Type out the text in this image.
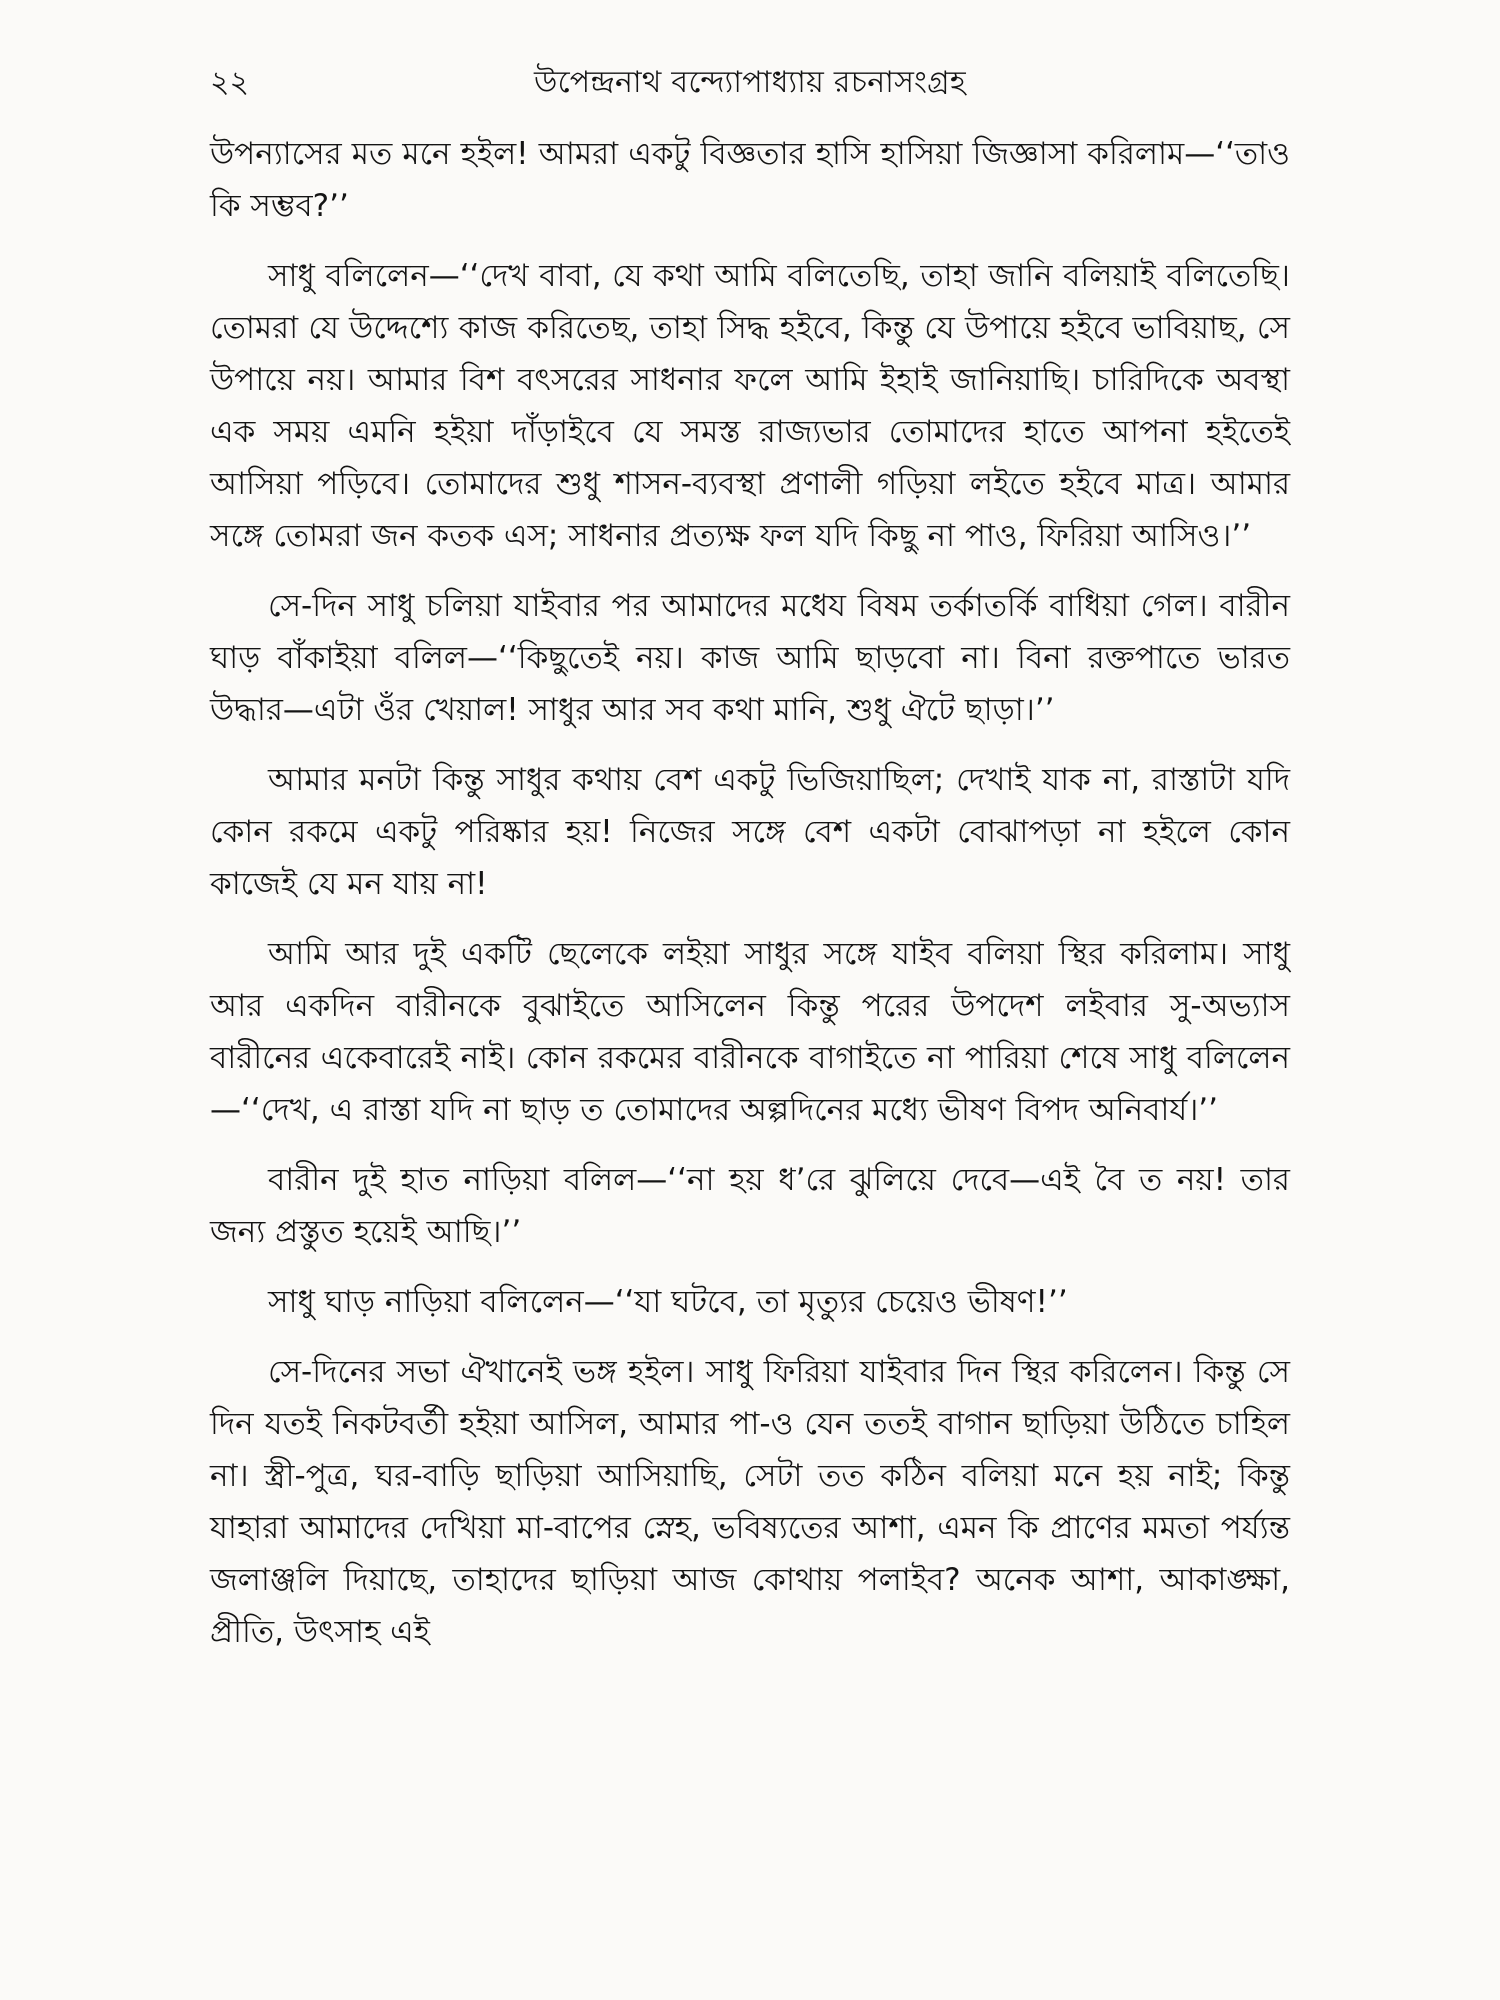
২২	উপেন্দ্রনাথ বন্দ্যোপাধ্যায় রচনাসংগ্রহ

উপন্যাসের মত মনে হইল! আমরা একটু বিজ্ঞতার হাসি হাসিয়া জিজ্ঞাসা করিলাম—‘‘তাও কি সম্ভব?’’

সাধু বলিলেন—‘‘দেখ বাবা, যে কথা আমি বলিতেছি, তাহা জানি বলিয়াই বলিতেছি। তোমরা যে উদ্দেশ্যে কাজ করিতেছ, তাহা সিদ্ধ হইবে, কিন্তু যে উপায়ে হইবে ভাবিয়াছ, সে উপায়ে নয়। আমার বিশ বৎসরের সাধনার ফলে আমি ইহাই জানিয়াছি। চারিদিকে অবস্থা এক সময় এমনি হইয়া দাঁড়াইবে যে সমস্ত রাজ্যভার তোমাদের হাতে আপনা হইতেই আসিয়া পড়িবে। তোমাদের শুধু শাসন-ব্যবস্থা প্রণালী গড়িয়া লইতে হইবে মাত্র। আমার সঙ্গে তোমরা জন কতক এস; সাধনার প্রত্যক্ষ ফল যদি কিছু না পাও, ফিরিয়া আসিও।’’

সে-দিন সাধু চলিয়া যাইবার পর আমাদের মধেয বিষম তর্কাতর্কি বাধিয়া গেল। বারীন ঘাড় বাঁকাইয়া বলিল—‘‘কিছুতেই নয়। কাজ আমি ছাড়বো না। বিনা রক্তপাতে ভারত উদ্ধার—এটা ওঁর খেয়াল! সাধুর আর সব কথা মানি, শুধু ঐটে ছাড়া।’’

আমার মনটা কিন্তু সাধুর কথায় বেশ একটু ভিজিয়াছিল; দেখাই যাক না, রাস্তাটা যদি কোন রকমে একটু পরিষ্কার হয়! নিজের সঙ্গে বেশ একটা বোঝাপড়া না হইলে কোন কাজেই যে মন যায় না!

আমি আর দুই একটি ছেলেকে লইয়া সাধুর সঙ্গে যাইব বলিয়া স্থির করিলাম। সাধু আর একদিন বারীনকে বুঝাইতে আসিলেন কিন্তু পরের উপদেশ লইবার সু-অভ্যাস বারীনের একেবারেই নাই। কোন রকমের বারীনকে বাগাইতে না পারিয়া শেষে সাধু বলিলেন—‘‘দেখ, এ রাস্তা যদি না ছাড় ত তোমাদের অল্পদিনের মধ্যে ভীষণ বিপদ অনিবার্য।’’

বারীন দুই হাত নাড়িয়া বলিল—‘‘না হয় ধ’রে ঝুলিয়ে দেবে—এই বৈ ত নয়! তার জন্য প্রস্তুত হয়েই আছি।’’

সাধু ঘাড় নাড়িয়া বলিলেন—‘‘যা ঘটবে, তা মৃত্যুর চেয়েও ভীষণ!’’

সে-দিনের সভা ঐখানেই ভঙ্গ হইল। সাধু ফিরিয়া যাইবার দিন স্থির করিলেন। কিন্তু সে দিন যতই নিকটবর্তী হইয়া আসিল, আমার পা-ও যেন ততই বাগান ছাড়িয়া উঠিতে চাহিল না। স্ত্রী-পুত্র, ঘর-বাড়ি ছাড়িয়া আসিয়াছি, সেটা তত কঠিন বলিয়া মনে হয় নাই; কিন্তু যাহারা আমাদের দেখিয়া মা-বাপের স্নেহ, ভবিষ্যতের আশা, এমন কি প্রাণের মমতা পর্য্যন্ত জলাঞ্জলি দিয়াছে, তাহাদের ছাড়িয়া আজ কোথায় পলাইব? অনেক আশা, আকাঙ্ক্ষা, প্রীতি, উৎসাহ এই
